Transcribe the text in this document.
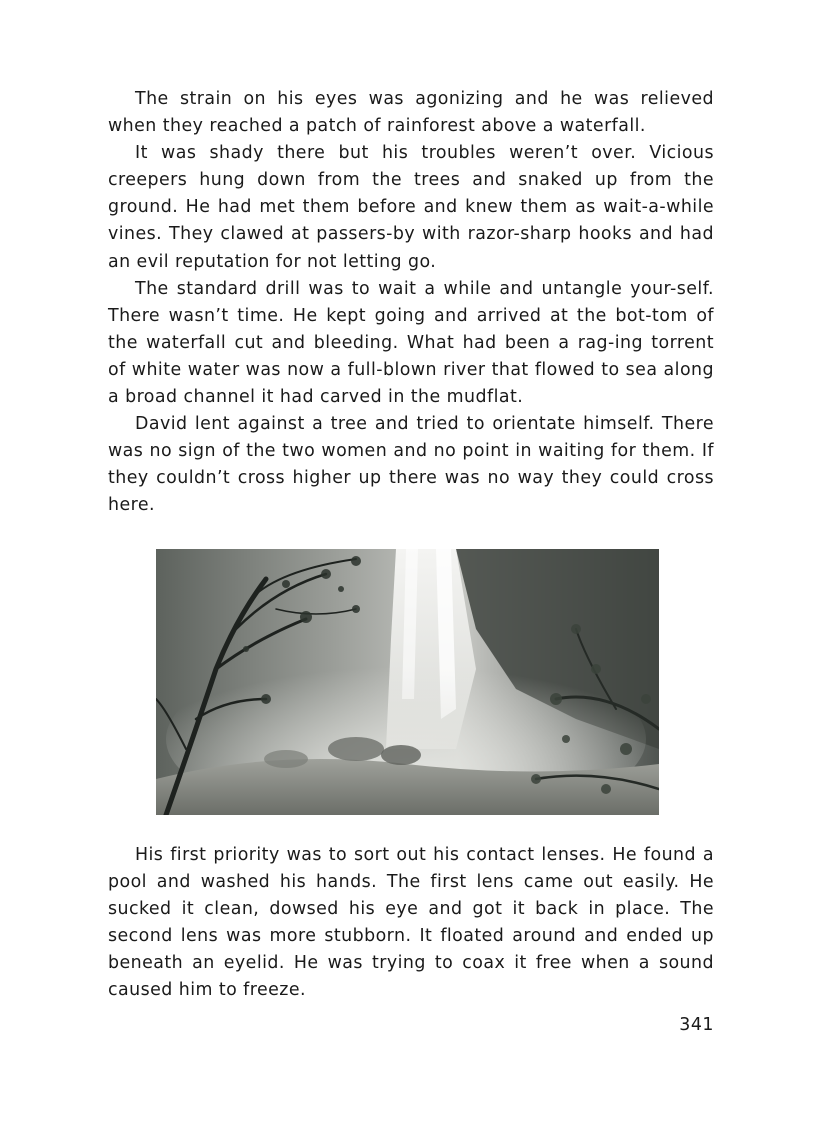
The strain on his eyes was agonizing and he was relieved when they reached a patch of rainforest above a waterfall.

It was shady there but his troubles weren’t over. Vicious creepers hung down from the trees and snaked up from the ground. He had met them before and knew them as wait-a-while vines. They clawed at passers-by with razor-sharp hooks and had an evil reputation for not letting go.

The standard drill was to wait a while and untangle your-self. There wasn’t time. He kept going and arrived at the bot-tom of the waterfall cut and bleeding. What had been a rag-ing torrent of white water was now a full-blown river that flowed to sea along a broad channel it had carved in the mudflat.

David lent against a tree and tried to orientate himself. There was no sign of the two women and no point in waiting for them. If they couldn’t cross higher up there was no way they could cross here.

His first priority was to sort out his contact lenses. He found a pool and washed his hands. The first lens came out easily. He sucked it clean, dowsed his eye and got it back in place. The second lens was more stubborn. It floated around and ended up beneath an eyelid. He was trying to coax it free when a sound caused him to freeze.

341
